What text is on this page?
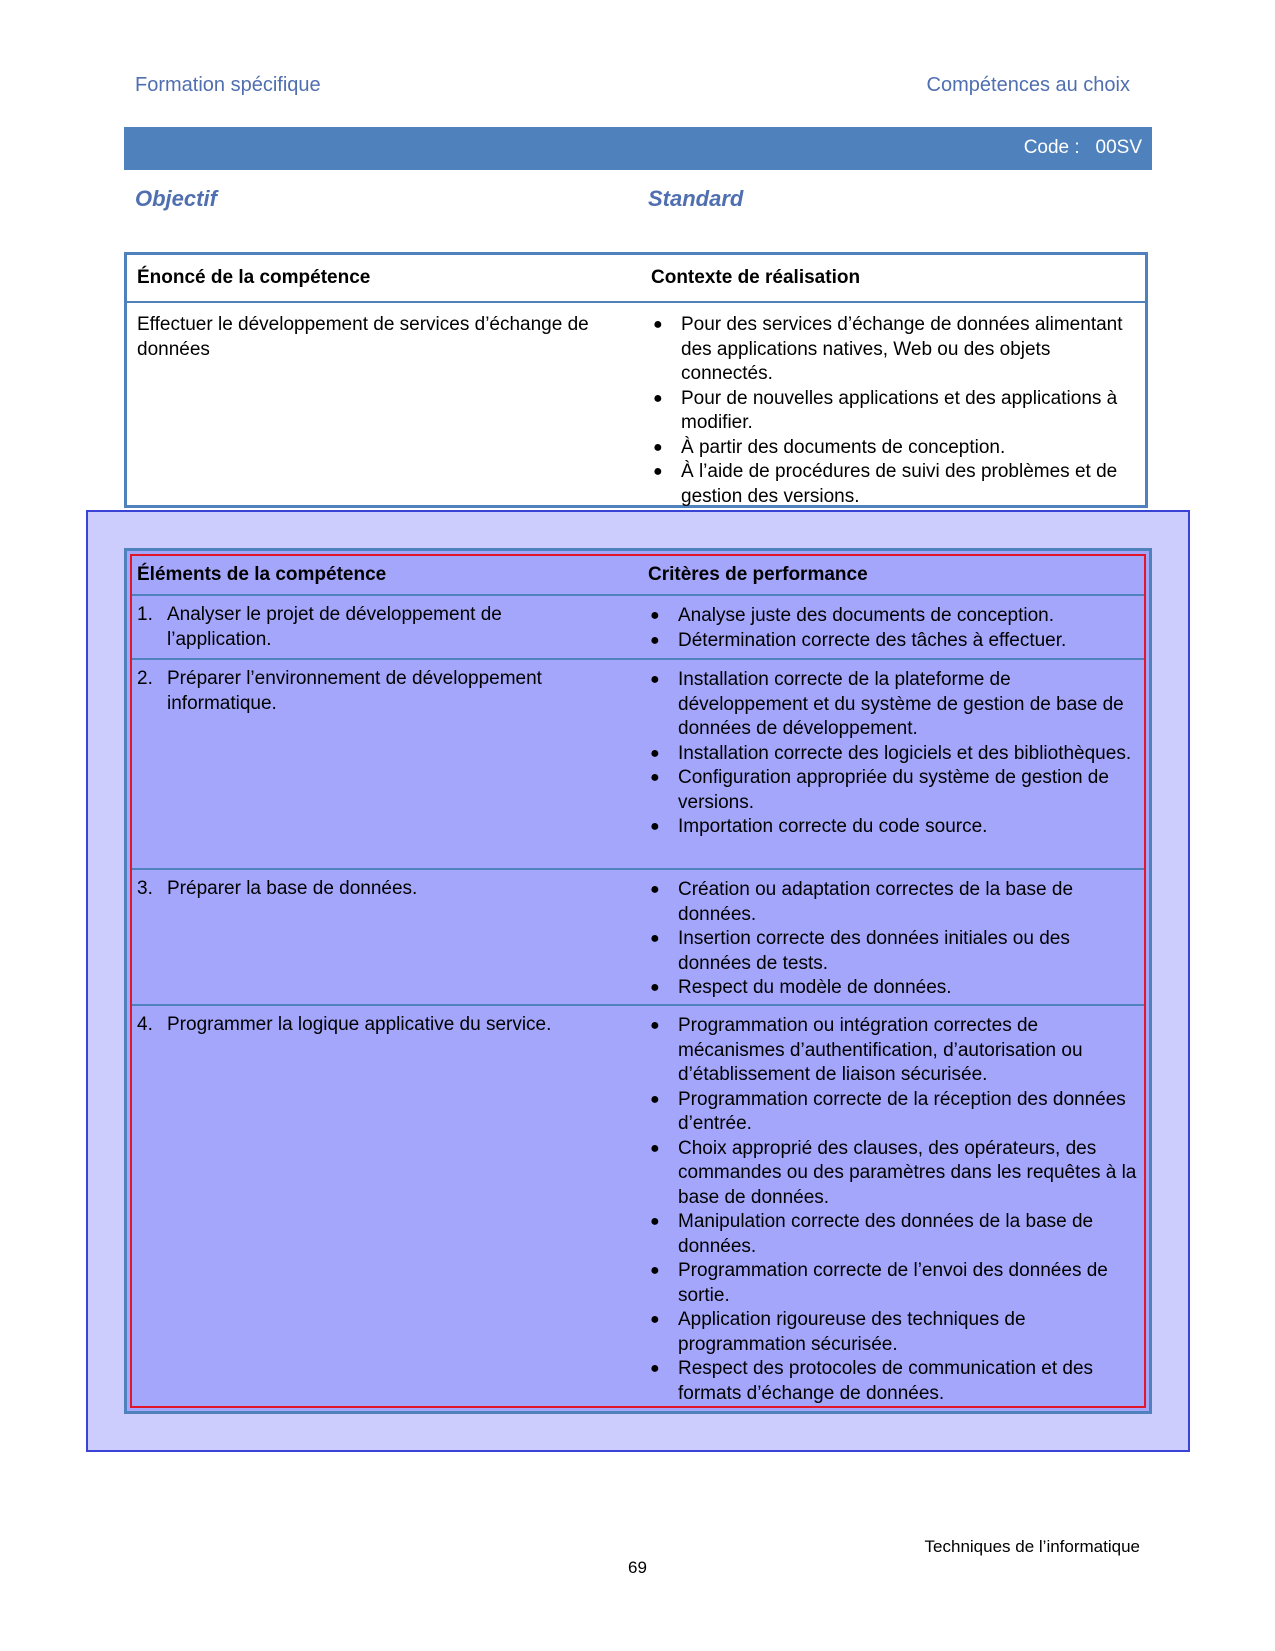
Formation spécifique	Compétences au choix
Code :   00SV
Objectif	Standard
Énoncé de la compétence	Contexte de réalisation
Effectuer le développement de services d’échange de données
● Pour des services d’échange de données alimentant des applications natives, Web ou des objets connectés.
● Pour de nouvelles applications et des applications à modifier.
● À partir des documents de conception.
● À l’aide de procédures de suivi des problèmes et de gestion des versions.
Éléments de la compétence	Critères de performance
1. Analyser le projet de développement de l’application.
● Analyse juste des documents de conception.
● Détermination correcte des tâches à effectuer.
2. Préparer l’environnement de développement informatique.
● Installation correcte de la plateforme de développement et du système de gestion de base de données de développement.
● Installation correcte des logiciels et des bibliothèques.
● Configuration appropriée du système de gestion de versions.
● Importation correcte du code source.
3. Préparer la base de données.	● Création ou adaptation correctes de la base de données.
● Insertion correcte des données initiales ou des données de tests.
● Respect du modèle de données.
4. Programmer la logique applicative du service.	● Programmation ou intégration correctes de mécanismes d’authentification, d’autorisation ou d’établissement de liaison sécurisée.
● Programmation correcte de la réception des données d’entrée.
● Choix approprié des clauses, des opérateurs, des commandes ou des paramètres dans les requêtes à la base de données.
● Manipulation correcte des données de la base de données.
● Programmation correcte de l’envoi des données de sortie.
● Application rigoureuse des techniques de programmation sécurisée.
● Respect des protocoles de communication et des formats d’échange de données.
Techniques de l’informatique
69
